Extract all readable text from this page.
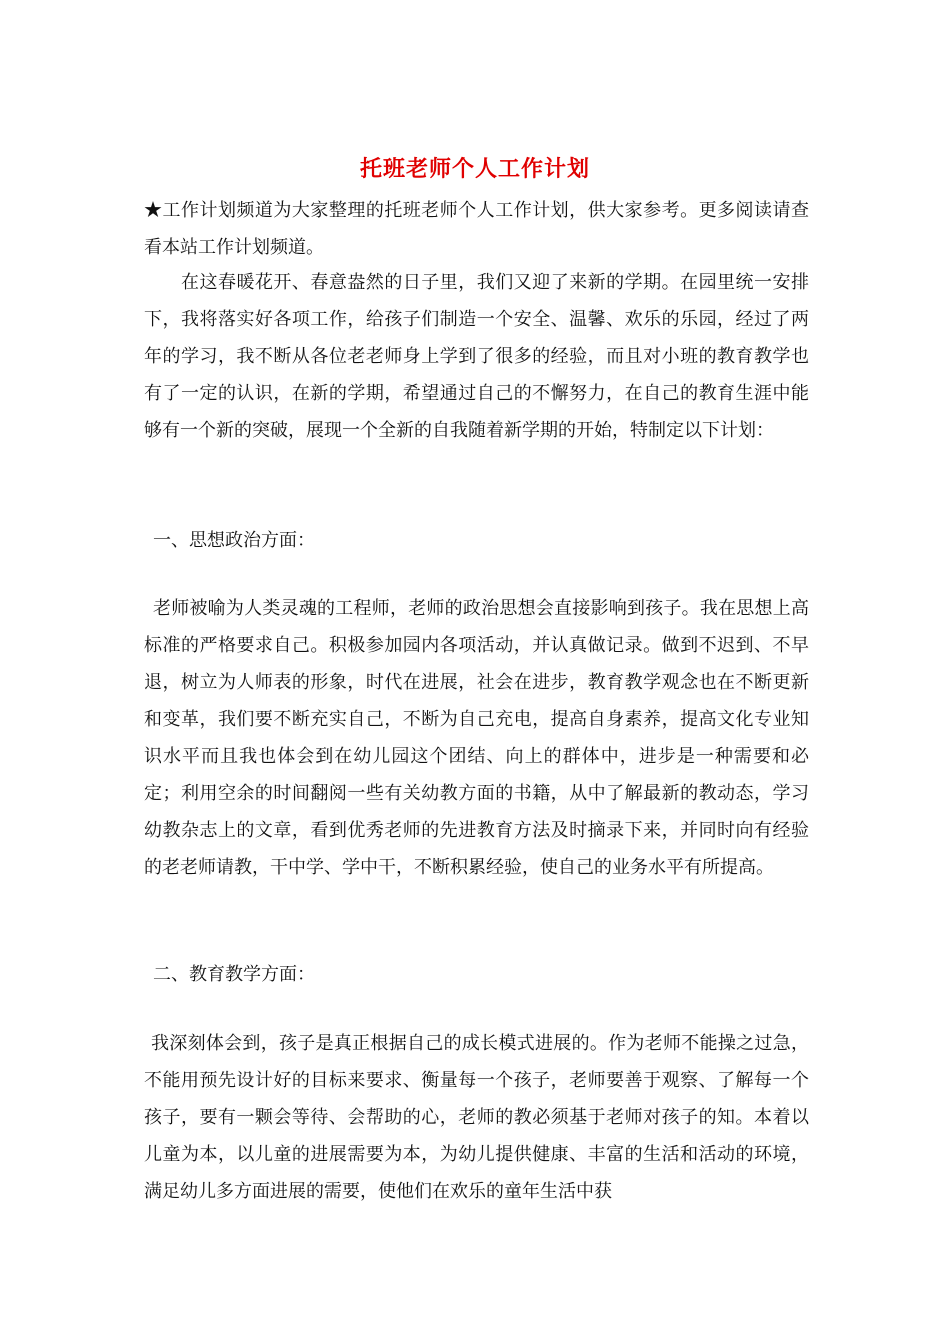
托班老师个人工作计划

★工作计划频道为大家整理的托班老师个人工作计划，供大家参考。更多阅读请查看本站工作计划频道。

在这春暖花开、春意盎然的日子里，我们又迎了来新的学期。在园里统一安排下，我将落实好各项工作，给孩子们制造一个安全、温馨、欢乐的乐园，经过了两年的学习，我不断从各位老老师身上学到了很多的经验，而且对小班的教育教学也有了一定的认识，在新的学期，希望通过自己的不懈努力，在自己的教育生涯中能够有一个新的突破，展现一个全新的自我随着新学期的开始，特制定以下计划：

一、思想政治方面：

老师被喻为人类灵魂的工程师，老师的政治思想会直接影响到孩子。我在思想上高标准的严格要求自己。积极参加园内各项活动，并认真做记录。做到不迟到、不早退，树立为人师表的形象，时代在进展，社会在进步，教育教学观念也在不断更新和变革，我们要不断充实自己，不断为自己充电，提高自身素养，提高文化专业知识水平而且我也体会到在幼儿园这个团结、向上的群体中，进步是一种需要和必定；利用空余的时间翻阅一些有关幼教方面的书籍，从中了解最新的教动态，学习幼教杂志上的文章，看到优秀老师的先进教育方法及时摘录下来，并同时向有经验的老老师请教，干中学、学中干，不断积累经验，使自己的业务水平有所提高。

二、教育教学方面：

我深刻体会到，孩子是真正根据自己的成长模式进展的。作为老师不能操之过急，不能用预先设计好的目标来要求、衡量每一个孩子，老师要善于观察、了解每一个孩子，要有一颗会等待、会帮助的心，老师的教必须基于老师对孩子的知。本着以儿童为本，以儿童的进展需要为本，为幼儿提供健康、丰富的生活和活动的环境，满足幼儿多方面进展的需要，使他们在欢乐的童年生活中获
